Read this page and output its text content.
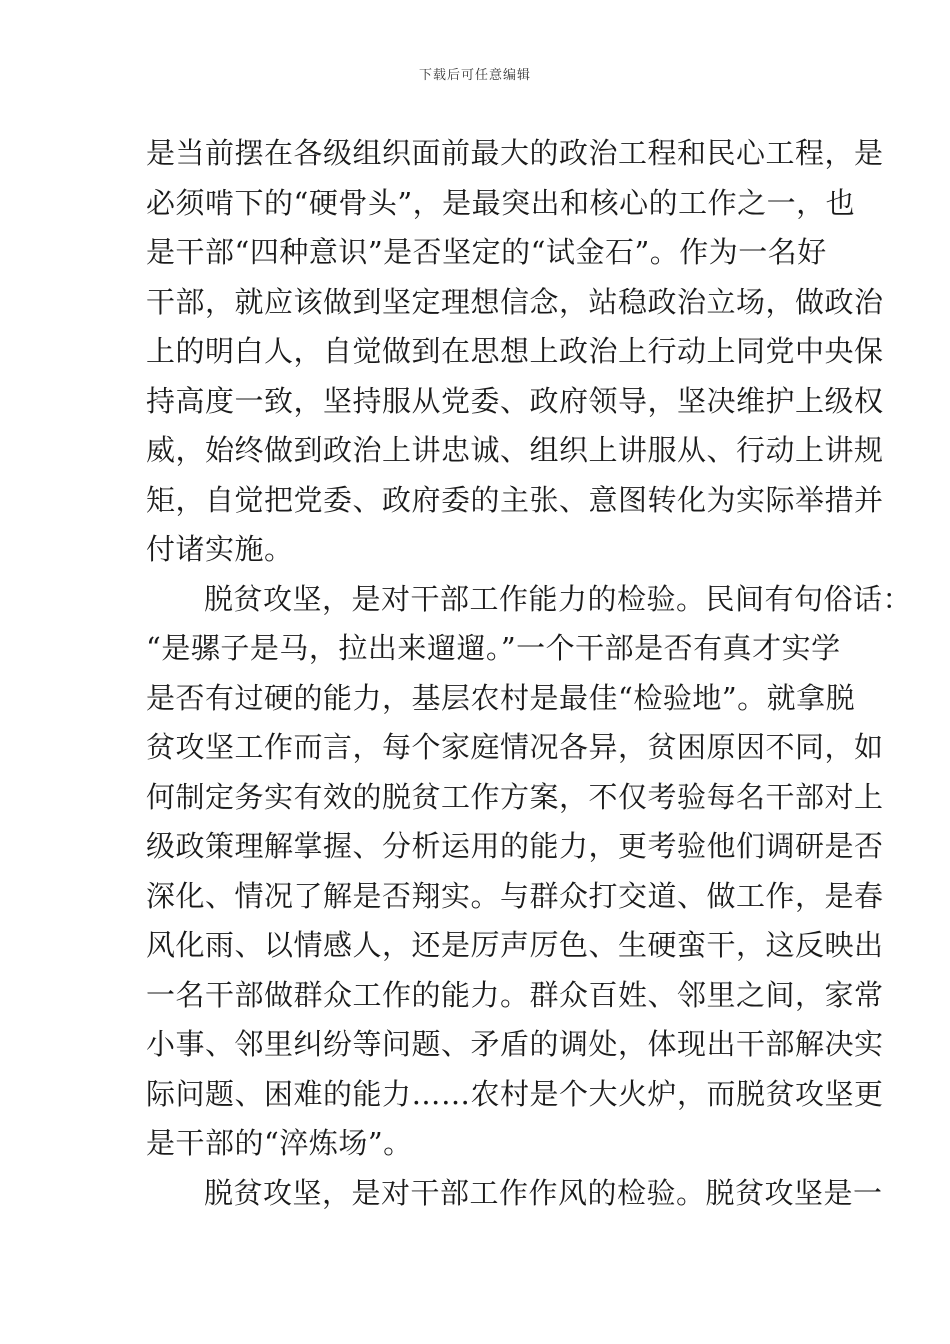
下载后可任意编辑
是当前摆在各级组织面前最大的政治工程和民心工程，是
必须啃下的“硬骨头”，是最突出和核心的工作之一，也
是干部“四种意识”是否坚定的“试金石”。作为一名好
干部，就应该做到坚定理想信念，站稳政治立场，做政治
上的明白人，自觉做到在思想上政治上行动上同党中央保
持高度一致，坚持服从党委、政府领导，坚决维护上级权
威，始终做到政治上讲忠诚、组织上讲服从、行动上讲规
矩，自觉把党委、政府委的主张、意图转化为实际举措并
付诸实施。
脱贫攻坚，是对干部工作能力的检验。民间有句俗话：
“是骡子是马，拉出来遛遛。”一个干部是否有真才实学
是否有过硬的能力，基层农村是最佳“检验地”。就拿脱
贫攻坚工作而言，每个家庭情况各异，贫困原因不同，如
何制定务实有效的脱贫工作方案，不仅考验每名干部对上
级政策理解掌握、分析运用的能力，更考验他们调研是否
深化、情况了解是否翔实。与群众打交道、做工作，是春
风化雨、以情感人，还是厉声厉色、生硬蛮干，这反映出
一名干部做群众工作的能力。群众百姓、邻里之间，家常
小事、邻里纠纷等问题、矛盾的调处，体现出干部解决实
际问题、困难的能力……农村是个大火炉，而脱贫攻坚更
是干部的“淬炼场”。
脱贫攻坚，是对干部工作作风的检验。脱贫攻坚是一
